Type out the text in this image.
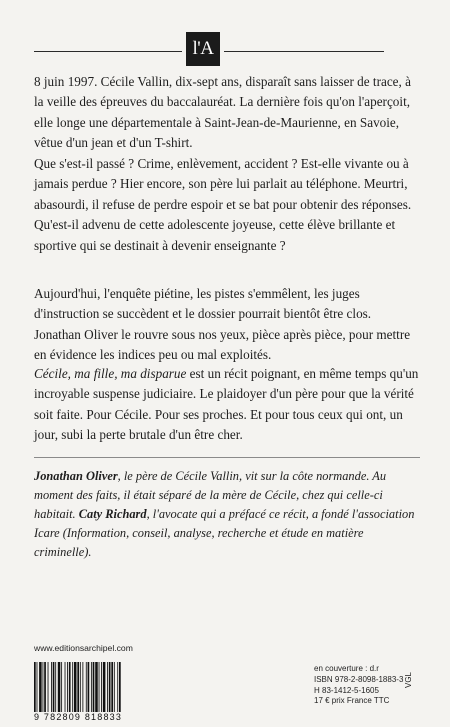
l'A

8 juin 1997. Cécile Vallin, dix-sept ans, disparaît sans laisser de trace, à la veille des épreuves du baccalauréat. La dernière fois qu'on l'aperçoit, elle longe une départementale à Saint-Jean-de-Maurienne, en Savoie, vêtue d'un jean et d'un T-shirt.

Que s'est-il passé ? Crime, enlèvement, accident ? Est-elle vivante ou à jamais perdue ? Hier encore, son père lui parlait au téléphone. Meurtri, abasourdi, il refuse de perdre espoir et se bat pour obtenir des réponses. Qu'est-il advenu de cette adolescente joyeuse, cette élève brillante et sportive qui se destinait à devenir enseignante ?

Aujourd'hui, l'enquête piétine, les pistes s'emmêlent, les juges d'instruction se succèdent et le dossier pourrait bientôt être clos. Jonathan Oliver le rouvre sous nos yeux, pièce après pièce, pour mettre en évidence les indices peu ou mal exploités.

Cécile, ma fille, ma disparue est un récit poignant, en même temps qu'un incroyable suspense judiciaire. Le plaidoyer d'un père pour que la vérité soit faite. Pour Cécile. Pour ses proches. Et pour tous ceux qui ont, un jour, subi la perte brutale d'un être cher.

Jonathan Oliver, le père de Cécile Vallin, vit sur la côte normande. Au moment des faits, il était séparé de la mère de Cécile, chez qui celle-ci habitait. Caty Richard, l'avocate qui a préfacé ce récit, a fondé l'association Icare (Information, conseil, analyse, recherche et étude en matière criminelle).

www.editionsarchipel.com

9 782809 818833

en couverture : d.r
ISBN 978-2-8098-1883-3
H 83-1412-5-1605
17 € prix France TTC

VGL
